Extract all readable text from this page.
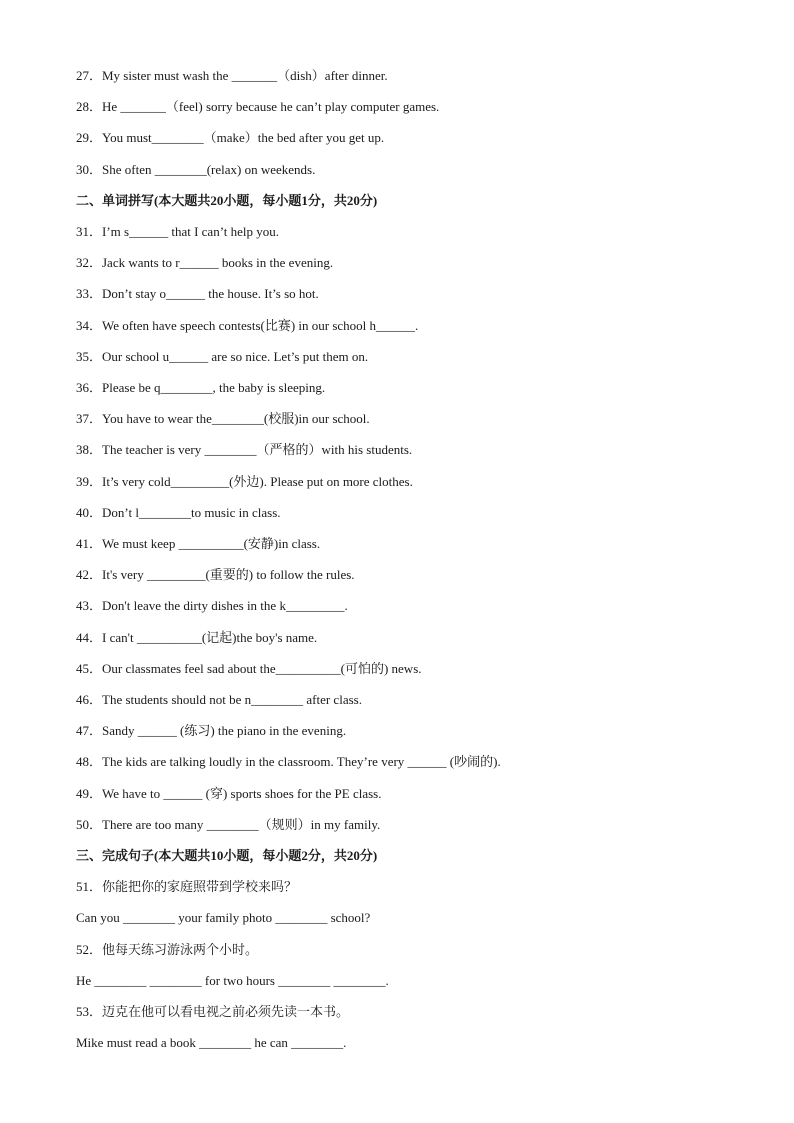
27．My sister must wash the _______（dish）after dinner.
28．He _______（feel) sorry because he can’t play computer games.
29．You must________（make）the bed after you get up.
30．She often ________(relax) on weekends.
二、单词拼写(本大题共20小题，每小题1分，共20分)
31．I’m s______ that I can’t help you.
32．Jack wants to r______ books in the evening.
33．Don’t stay o______ the house. It’s so hot.
34．We often have speech contests(比赛) in our school h______.
35．Our school u______ are so nice. Let’s put them on.
36．Please be q________, the baby is sleeping.
37．You have to wear the________(校服)in our school.
38．The teacher is very ________（严格的）with his students.
39．It’s very cold_________(外边). Please put on more clothes.
40．Don’t l________to music in class.
41．We must keep __________(安静)in class.
42．It's very _________(重要的) to follow the rules.
43．Don't leave the dirty dishes in the k_________.
44．I can't __________(记起)the boy's name.
45．Our classmates feel sad about the__________(可怕的) news.
46．The students should not be n________ after class.
47．Sandy ______ (练习) the piano in the evening.
48．The kids are talking loudly in the classroom. They’re very ______ (吵闹的).
49．We have to ______ (穿) sports shoes for the PE class.
50．There are too many ________（规则）in my family.
三、完成句子(本大题共10小题，每小题2分，共20分)
51．你能把你的家庭照带到学校来吗？
Can you ________ your family photo ________ school?
52．他每天练习游泳两个小时。
He ________ ________ for two hours ________ ________.
53．迈克在他可以看电视之前必须先读一本书。
Mike must read a book ________ he can ________.
